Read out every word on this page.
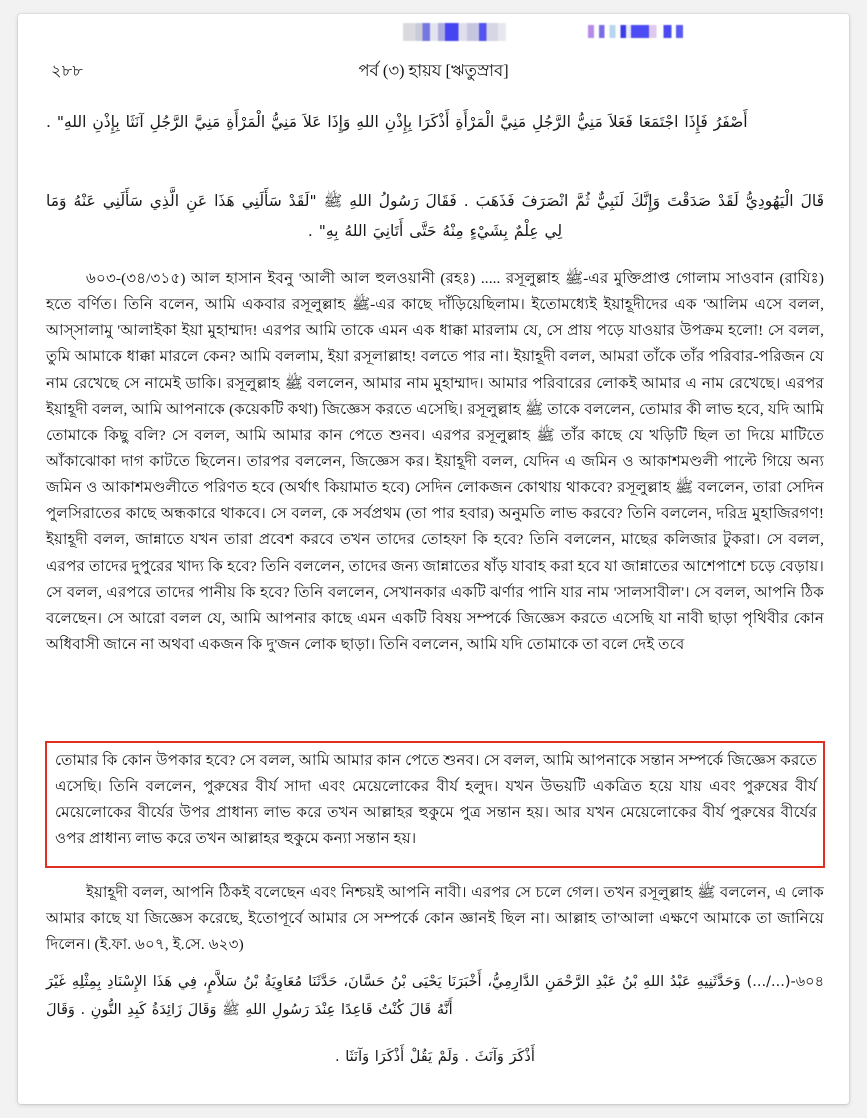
২৮৮	পর্ব (৩) হায়য [ঋতুস্রাব]
أَصْفَرُ فَإِذَا اجْتَمَعَا فَعَلاَ مَنِيُّ الرَّجُلِ مَنِيَّ الْمَرْأَةِ أَذْكَرَا بِإِذْنِ اللهِ وَإِذَا عَلاَ مَنِيُّ الْمَرْأَةِ مَنِيَّ الرَّجُلِ آنَثَا بِإِذْنِ اللهِ" .
قَالَ الْيَهُودِيُّ لَقَدْ صَدَقْتَ وَإِنَّكَ لَنَبِيٌّ ثُمَّ انْصَرَفَ فَذَهَبَ . فَقَالَ رَسُولُ اللهِ ﷺ "لَقَدْ سَأَلَنِي هَذَا عَنِ الَّذِي سَأَلَنِي عَنْهُ وَمَا لِي عِلْمٌ بِشَيْءٍ مِنْهُ حَتَّى أَتَانِيَ اللهُ بِهِ" .
৬০৩-(৩৪/৩১৫) আল হাসান ইবনু 'আলী আল হুলওয়ানী (রহঃ) ..... রসূলুল্লাহ ﷺ-এর মুক্তিপ্রাপ্ত গোলাম সাওবান (রাযিঃ) হতে বর্ণিত। তিনি বলেন, আমি একবার রসূলুল্লাহ ﷺ-এর কাছে দাঁড়িয়েছিলাম। ইতোমধ্যেই ইয়াহূদীদের এক 'আলিম এসে বলল, আস্‌সালামু 'আলাইকা ইয়া মুহাম্মাদ! এরপর আমি তাকে এমন এক ধাক্কা মারলাম যে, সে প্রায় পড়ে যাওয়ার উপক্রম হলো! সে বলল, তুমি আমাকে ধাক্কা মারলে কেন? আমি বললাম, ইয়া রসূলাল্লাহ! বলতে পার না। ইয়াহূদী বলল, আমরা তাঁকে তাঁর পরিবার-পরিজন যে নাম রেখেছে সে নামেই ডাকি। রসূলুল্লাহ ﷺ বললেন, আমার নাম মুহাম্মাদ। আমার পরিবারের লোকই আমার এ নাম রেখেছে। এরপর ইয়াহূদী বলল, আমি আপনাকে (কয়েকটি কথা) জিজ্ঞেস করতে এসেছি। রসূলুল্লাহ ﷺ তাকে বললেন, তোমার কী লাভ হবে, যদি আমি তোমাকে কিছু বলি? সে বলল, আমি আমার কান পেতে শুনব। এরপর রসূলুল্লাহ ﷺ তাঁর কাছে যে খড়িটি ছিল তা দিয়ে মাটিতে আঁকাঝোকা দাগ কাটতে ছিলেন। তারপর বললেন, জিজ্ঞেস কর। ইয়াহূদী বলল, যেদিন এ জমিন ও আকাশমণ্ডলী পাল্টে গিয়ে অন্য জমিন ও আকাশমণ্ডলীতে পরিণত হবে (অর্থাৎ কিয়ামাত হবে) সেদিন লোকজন কোথায় থাকবে? রসূলুল্লাহ ﷺ বললেন, তারা সেদিন পুলসিরাতের কাছে অন্ধকারে থাকবে। সে বলল, কে সর্বপ্রথম (তা পার হবার) অনুমতি লাভ করবে? তিনি বললেন, দরিদ্র মুহাজিরগণ! ইয়াহূদী বলল, জান্নাতে যখন তারা প্রবেশ করবে তখন তাদের তোহফা কি হবে? তিনি বললেন, মাছের কলিজার টুকরা। সে বলল, এরপর তাদের দুপুরের খাদ্য কি হবে? তিনি বললেন, তাদের জন্য জান্নাতের ষাঁড় যাবাহ করা হবে যা জান্নাতের আশেপাশে চড়ে বেড়ায়। সে বলল, এরপরে তাদের পানীয় কি হবে? তিনি বললেন, সেখানকার একটি ঝর্ণার পানি যার নাম 'সালসাবীল'। সে বলল, আপনি ঠিক বলেছেন। সে আরো বলল যে, আমি আপনার কাছে এমন একটি বিষয় সম্পর্কে জিজ্ঞেস করতে এসেছি যা নাবী ছাড়া পৃথিবীর কোন অধিবাসী জানে না অথবা একজন কি দু'জন লোক ছাড়া। তিনি বললেন, আমি যদি তোমাকে তা বলে দেই তবে
তোমার কি কোন উপকার হবে? সে বলল, আমি আমার কান পেতে শুনব। সে বলল, আমি আপনাকে সন্তান সম্পর্কে জিজ্ঞেস করতে এসেছি। তিনি বললেন, পুরুষের বীর্য সাদা এবং মেয়েলোকের বীর্য হলুদ। যখন উভয়টি একত্রিত হয়ে যায় এবং পুরুষের বীর্য মেয়েলোকের বীর্যের উপর প্রাধান্য লাভ করে তখন আল্লাহর হুকুমে পুত্র সন্তান হয়। আর যখন মেয়েলোকের বীর্য পুরুষের বীর্যের ওপর প্রাধান্য লাভ করে তখন আল্লাহর হুকুমে কন্যা সন্তান হয়।
ইয়াহূদী বলল, আপনি ঠিকই বলেছেন এবং নিশ্চয়ই আপনি নাবী। এরপর সে চলে গেল। তখন রসূলুল্লাহ ﷺ বললেন, এ লোক আমার কাছে যা জিজ্ঞেস করেছে, ইতোপূর্বে আমার সে সম্পর্কে কোন জ্ঞানই ছিল না। আল্লাহ তা'আলা এক্ষণে আমাকে তা জানিয়ে দিলেন। (ই.ফা. ৬০৭, ই.সে. ৬২৩)
৬০৪-(.../...) وَحَدَّثَنِيهِ عَبْدُ اللهِ بْنُ عَبْدِ الرَّحْمَنِ الدَّارِمِيُّ، أَخْبَرَنَا يَحْيَى بْنُ حَسَّانَ، حَدَّثَنَا مُعَاوِيَةُ بْنُ سَلاَّمٍ، فِي هَذَا الإِسْنَادِ بِمِثْلِهِ غَيْرَ أَنَّهُ قَالَ كُنْتُ قَاعِدًا عِنْدَ رَسُولِ اللهِ ﷺ وَقَالَ زَائِدَةُ كَبِدِ النُّونِ . وَقَالَ
أَذْكَرَ وَآنَثَ . وَلَمْ يَقُلْ أَذْكَرَا وَآنَثَا .
